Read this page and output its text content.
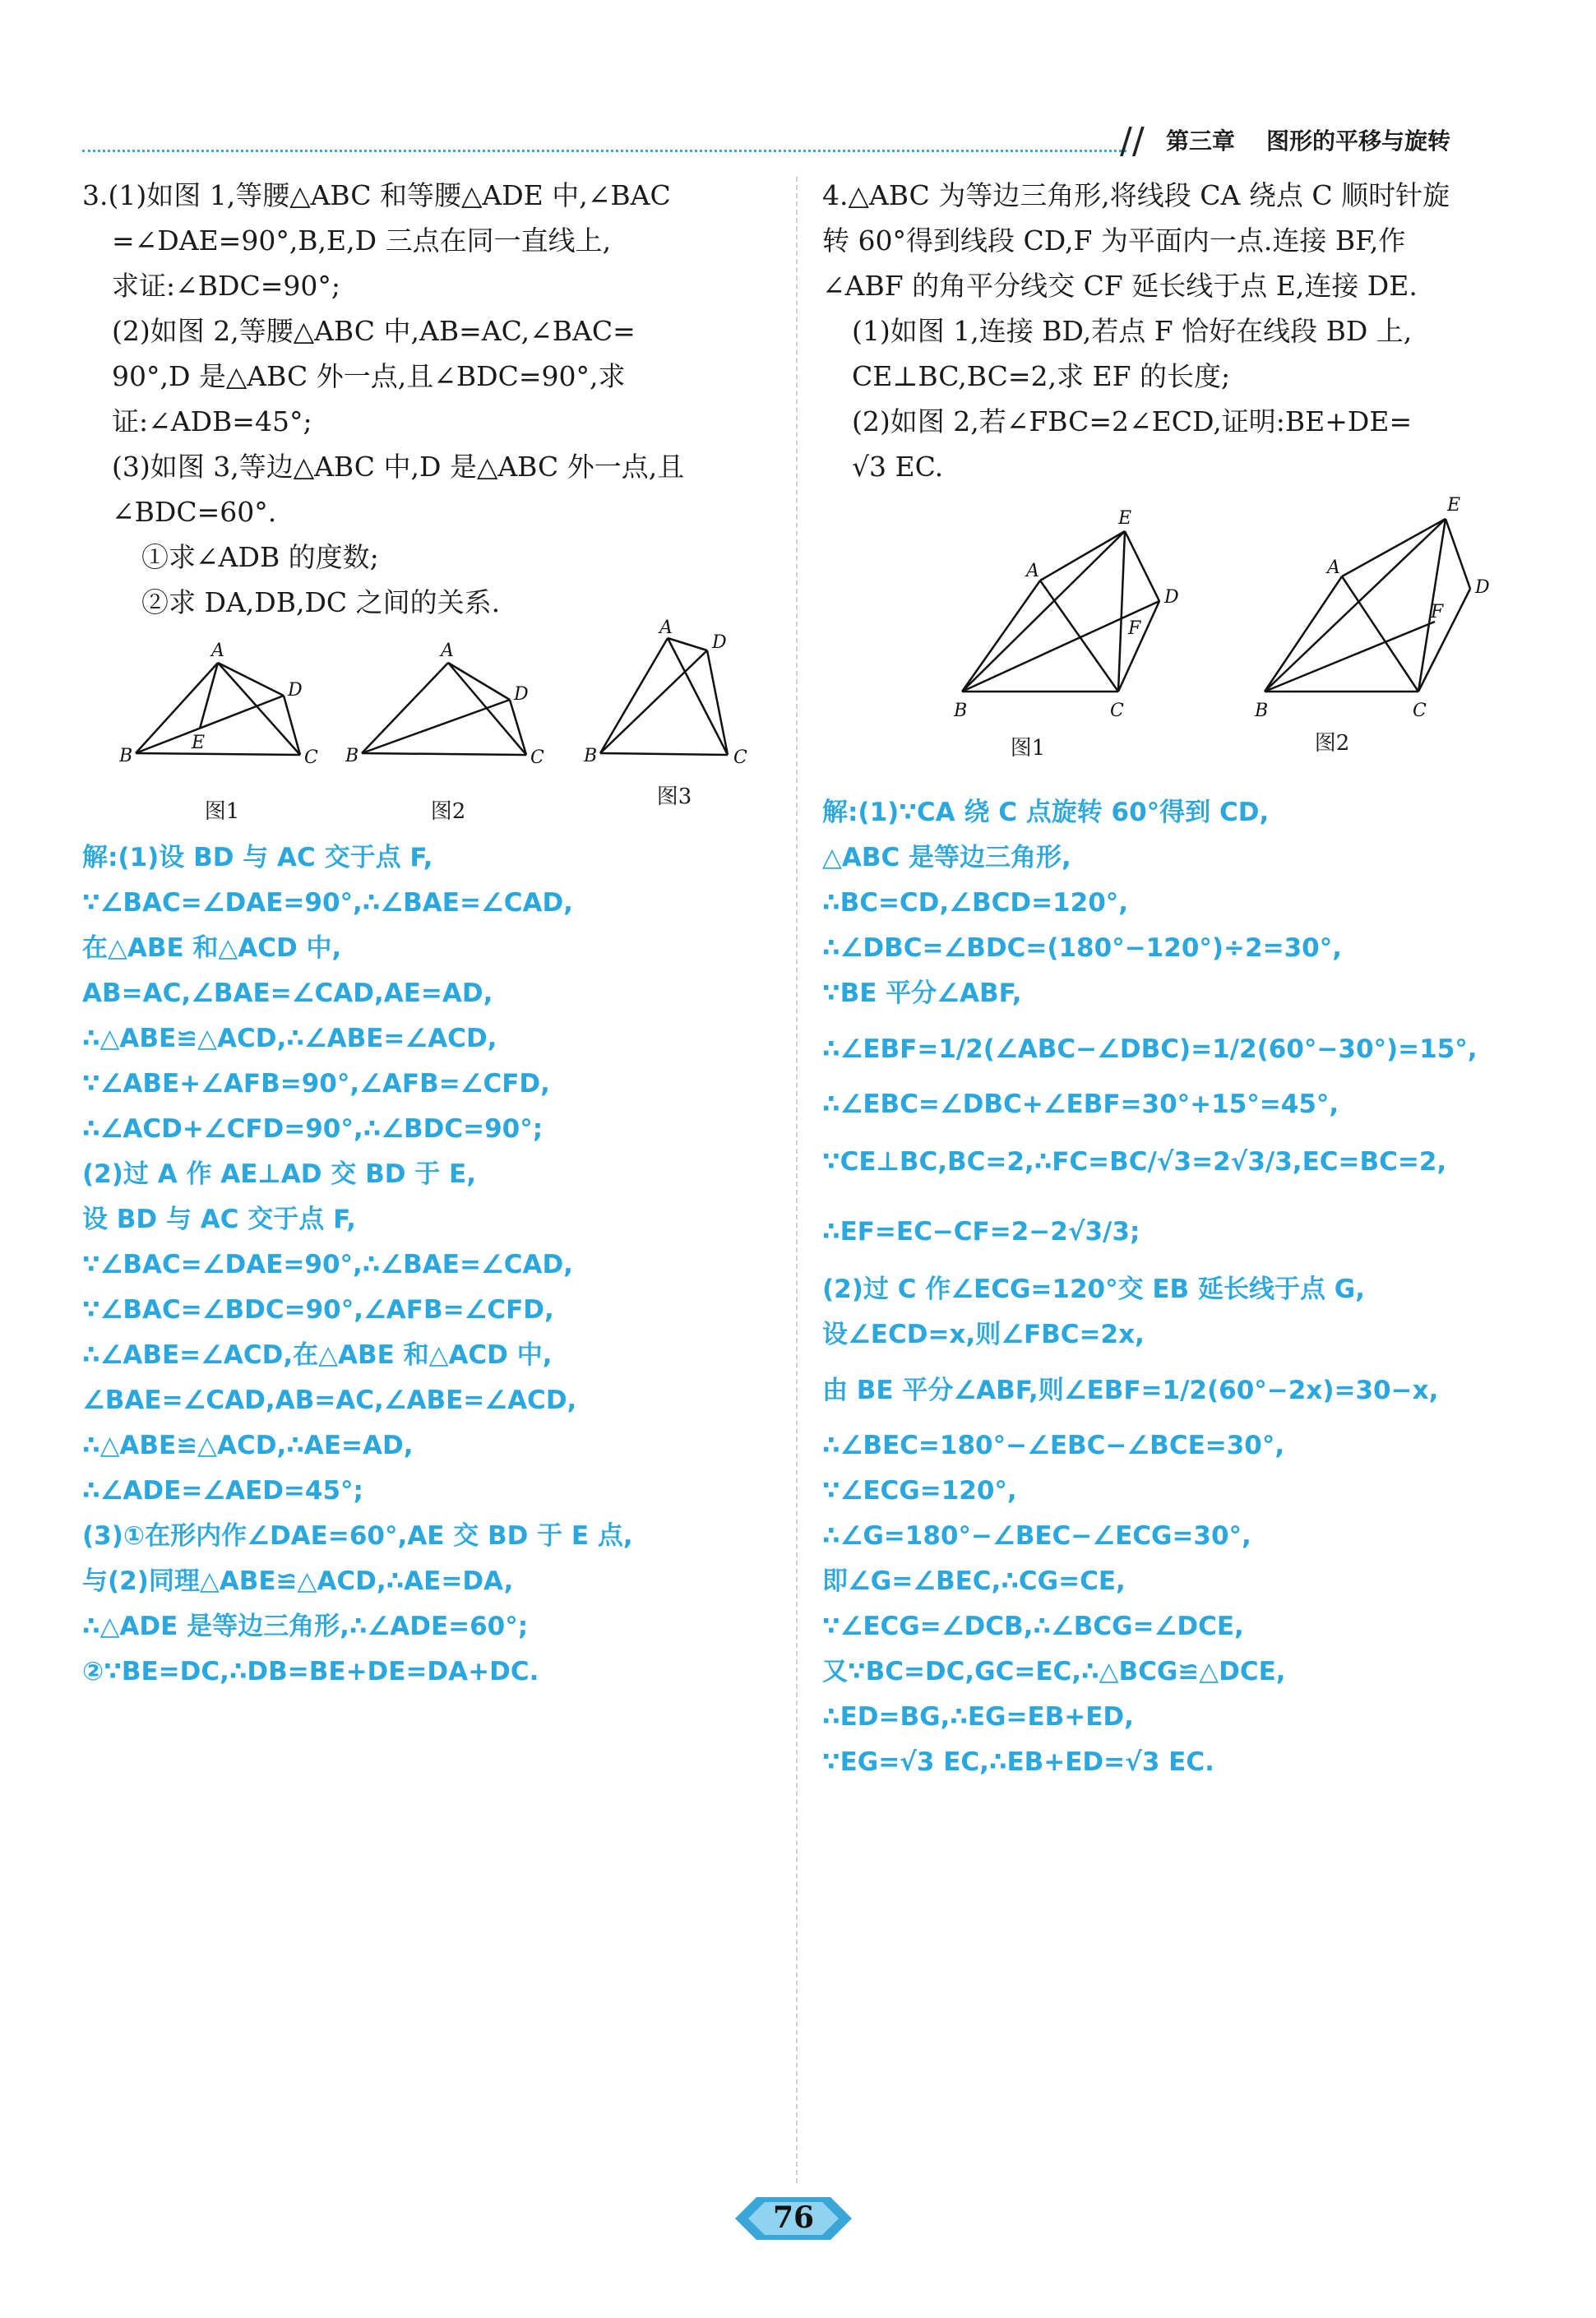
// 第三章 图形的平移与旋转

3.(1)如图 1,等腰△ABC 和等腰△ADE 中,∠BAC

=∠DAE=90°,B,E,D 三点在同一直线上,

求证:∠BDC=90°;

(2)如图 2,等腰△ABC 中,AB=AC,∠BAC=

90°,D 是△ABC 外一点,且∠BDC=90°,求

证:∠ADB=45°;

(3)如图 3,等边△ABC 中,D 是△ABC 外一点,且

∠BDC=60°.

①求∠ADB 的度数;

②求 DA,DB,DC 之间的关系.

A
B	C
D
E
图1
A
B	C
D
图2
A
B	C
D
图3

解:(1)设 BD 与 AC 交于点 F,

∵∠BAC=∠DAE=90°,∴∠BAE=∠CAD,

在△ABE 和△ACD 中,

AB=AC,∠BAE=∠CAD,AE=AD,

∴△ABE≌△ACD,∴∠ABE=∠ACD,

∵∠ABE+∠AFB=90°,∠AFB=∠CFD,

∴∠ACD+∠CFD=90°,∴∠BDC=90°;

(2)过 A 作 AE⊥AD 交 BD 于 E,

设 BD 与 AC 交于点 F,

∵∠BAC=∠DAE=90°,∴∠BAE=∠CAD,

∵∠BAC=∠BDC=90°,∠AFB=∠CFD,

∴∠ABE=∠ACD,在△ABE 和△ACD 中,

∠BAE=∠CAD,AB=AC,∠ABE=∠ACD,

∴△ABE≌△ACD,∴AE=AD,

∴∠ADE=∠AED=45°;

(3)①在形内作∠DAE=60°,AE 交 BD 于 E 点,

与(2)同理△ABE≌△ACD,∴AE=DA,

∴△ADE 是等边三角形,∴∠ADE=60°;

②∵BE=DC,∴DB=BE+DE=DA+DC.

4.△ABC 为等边三角形,将线段 CA 绕点 C 顺时针旋

转 60°得到线段 CD,F 为平面内一点.连接 BF,作

∠ABF 的角平分线交 CF 延长线于点 E,连接 DE.

(1)如图 1,连接 BD,若点 F 恰好在线段 BD 上,

CE⊥BC,BC=2,求 EF 的长度;

(2)如图 2,若∠FBC=2∠ECD,证明:BE+DE=

√3 EC.

A
B	C
D
E
F
图1
A
B	C
D
E
F
图2

解:(1)∵CA 绕 C 点旋转 60°得到 CD,

△ABC 是等边三角形,

∴BC=CD,∠BCD=120°,

∴∠DBC=∠BDC=(180°−120°)÷2=30°,

∵BE 平分∠ABF,

∴∠EBF=1/2(∠ABC−∠DBC)=1/2(60°−30°)=15°,

∴∠EBC=∠DBC+∠EBF=30°+15°=45°,

∵CE⊥BC,BC=2,∴FC=BC/√3=2√3/3,EC=BC=2,

∴EF=EC−CF=2−2√3/3;

(2)过 C 作∠ECG=120°交 EB 延长线于点 G,

设∠ECD=x,则∠FBC=2x,

由 BE 平分∠ABF,则∠EBF=1/2(60°−2x)=30−x,

∴∠BEC=180°−∠EBC−∠BCE=30°,

∵∠ECG=120°,

∴∠G=180°−∠BEC−∠ECG=30°,

即∠G=∠BEC,∴CG=CE,

∵∠ECG=∠DCB,∴∠BCG=∠DCE,

又∵BC=DC,GC=EC,∴△BCG≌△DCE,

∴ED=BG,∴EG=EB+ED,

∵EG=√3 EC,∴EB+ED=√3 EC.

76
